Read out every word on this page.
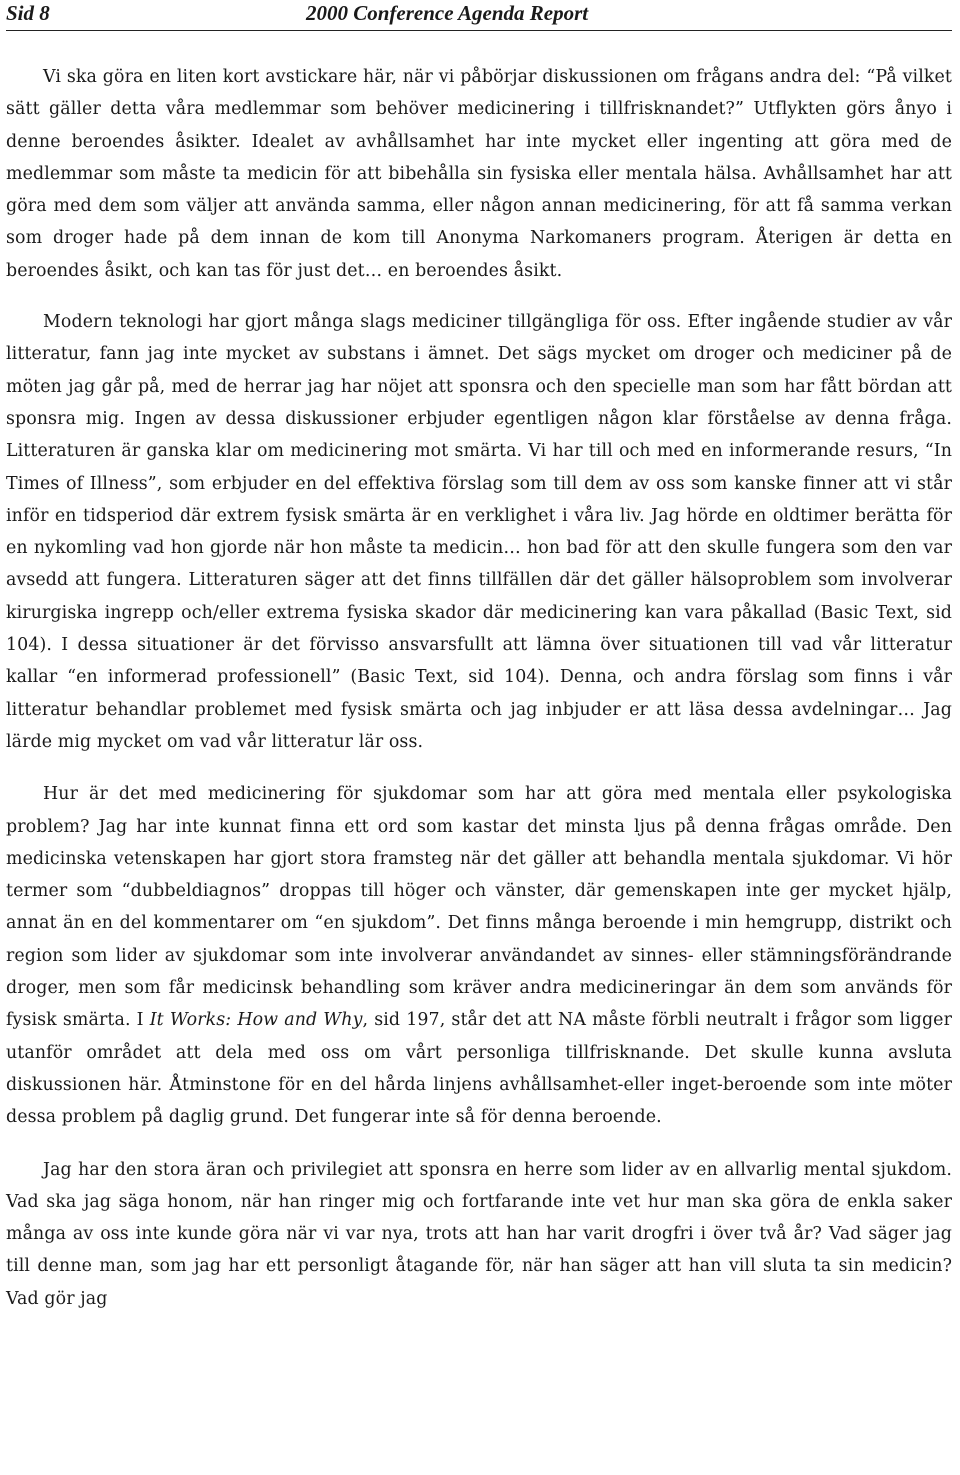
Sid 8	2000 Conference Agenda Report

Vi ska göra en liten kort avstickare här, när vi påbörjar diskussionen om frågans andra del: “På vilket sätt gäller detta våra medlemmar som behöver medicinering i tillfrisknandet?” Utflykten görs ånyo i denne beroendes åsikter. Idealet av avhållsamhet har inte mycket eller ingenting att göra med de medlemmar som måste ta medicin för att bibehålla sin fysiska eller mentala hälsa. Avhållsamhet har att göra med dem som väljer att använda samma, eller någon annan medicinering, för att få samma verkan som droger hade på dem innan de kom till Anonyma Narkomaners program. Återigen är detta en beroendes åsikt, och kan tas för just det… en beroendes åsikt.

Modern teknologi har gjort många slags mediciner tillgängliga för oss. Efter ingående studier av vår litteratur, fann jag inte mycket av substans i ämnet. Det sägs mycket om droger och mediciner på de möten jag går på, med de herrar jag har nöjet att sponsra och den specielle man som har fått bördan att sponsra mig. Ingen av dessa diskussioner erbjuder egentligen någon klar förståelse av denna fråga. Litteraturen är ganska klar om medicinering mot smärta. Vi har till och med en informerande resurs, “In Times of Illness”, som erbjuder en del effektiva förslag som till dem av oss som kanske finner att vi står inför en tidsperiod där extrem fysisk smärta är en verklighet i våra liv. Jag hörde en oldtimer berätta för en nykomling vad hon gjorde när hon måste ta medicin… hon bad för att den skulle fungera som den var avsedd att fungera. Litteraturen säger att det finns tillfällen där det gäller hälsoproblem som involverar kirurgiska ingrepp och/eller extrema fysiska skador där medicinering kan vara påkallad (Basic Text, sid 104). I dessa situationer är det förvisso ansvarsfullt att lämna över situationen till vad vår litteratur kallar “en informerad professionell” (Basic Text, sid 104). Denna, och andra förslag som finns i vår litteratur behandlar problemet med fysisk smärta och jag inbjuder er att läsa dessa avdelningar… Jag lärde mig mycket om vad vår litteratur lär oss.

Hur är det med medicinering för sjukdomar som har att göra med mentala eller psykologiska problem? Jag har inte kunnat finna ett ord som kastar det minsta ljus på denna frågas område. Den medicinska vetenskapen har gjort stora framsteg när det gäller att behandla mentala sjukdomar. Vi hör termer som “dubbeldiagnos” droppas till höger och vänster, där gemenskapen inte ger mycket hjälp, annat än en del kommentarer om “en sjukdom”. Det finns många beroende i min hemgrupp, distrikt och region som lider av sjukdomar som inte involverar användandet av sinnes- eller stämningsförändrande droger, men som får medicinsk behandling som kräver andra medicineringar än dem som används för fysisk smärta. I It Works: How and Why, sid 197, står det att NA måste förbli neutralt i frågor som ligger utanför området att dela med oss om vårt personliga tillfrisknande. Det skulle kunna avsluta diskussionen här. Åtminstone för en del hårda linjens avhållsamhet-eller inget-beroende som inte möter dessa problem på daglig grund. Det fungerar inte så för denna beroende.

Jag har den stora äran och privilegiet att sponsra en herre som lider av en allvarlig mental sjukdom. Vad ska jag säga honom, när han ringer mig och fortfarande inte vet hur man ska göra de enkla saker många av oss inte kunde göra när vi var nya, trots att han har varit drogfri i över två år? Vad säger jag till denne man, som jag har ett personligt åtagande för, när han säger att han vill sluta ta sin medicin? Vad gör jag
